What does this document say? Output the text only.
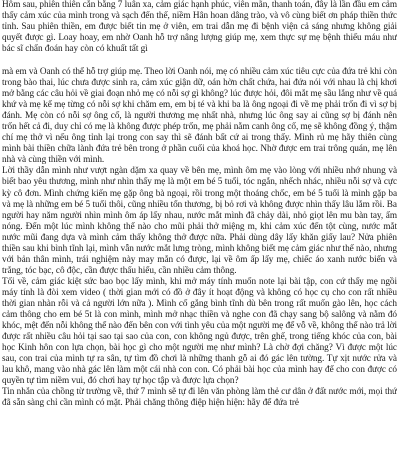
Hôm sau, phiên thiên cắn bằng 7 luân xa, cảm giác hạnh phúc, viên mãn, thanh toán, đây là lần đầu em cảm thấy cảm xúc của mình trong và sạch đến thế, niềm Hân hoan dâng trào, và vô cùng biết ơn pháp thiền thức tỉnh. Sau phiên thiền, em được biết tin mẹ ở viên, em trai dẫn mẹ đi bệnh viện cả sáng nhưng không giải quyết được gì. Loay hoay, em nhờ Oanh hỗ trợ nâng lượng giúp mẹ, xem thực sự mẹ bệnh thiếu máu như bác sĩ chẩn đoán hay còn có khuất tất gì

mà em và Oanh có thể hỗ trợ giúp mẹ. Theo lời Oanh nói, mẹ có nhiều cảm xúc tiêu cực của đứa trẻ khi còn trong bào thai, lúc chưa được sinh ra, cảm xúc giận dữ, oán hờn chất chứa, hai đứa nói với nhau là chị khơi mở bằng các câu hỏi về giai đoạn nhỏ mẹ có nỗi sợ gì không? lúc được hỏi, đôi mắt mẹ sầu lắng như về quá khứ và mẹ kể mẹ từng có nỗi sợ khi chăm em, em bị té và khi ba là ông ngoại đi về mẹ phải trốn đi vì sợ bị đánh. Mẹ còn có nỗi sợ ông cố, là người thương mẹ nhất nhà, nhưng lúc ông say ai cũng sợ bị đánh nên trốn hết cả đi, duy chỉ có mẹ là không được phép trốn, mẹ phải nằm canh ông cố, mẹ sẽ không đồng ý, thậm chí mẹ thở vì nếu ông tỉnh lại trong con say thì sẽ đánh bất cứ ai trong thấy. Mình rủ mẹ hãy thiên cùng mình bài thiền chữa lành đứa trẻ bên trong ở phần cuối của khoá học. Nhờ được em trai trông quán, mẹ lên nhà và cùng thiền với mình.

Lời thầy dẫn mình như vượt ngàn dặm xa quay về bên mẹ, mình ôm mẹ vào lòng với nhiều nhớ nhung và biết bao yêu thương, mình như nhìn thấy mẹ là một em bé 5 tuổi, tóc ngắn, nhếch nhác, nhiều nỗi sợ và cực kỳ cô đơn. Mình chứng kiến mẹ gặp ông bà ngoại, rồi trong một thoáng chốc, em bé 5 tuổi là mình gặp ba và mẹ là những em bé 5 tuổi thôi, cũng nhiều tổn thương, bị bỏ rơi và không được nhìn thấy lâu lắm rồi. Ba người hay năm người nhìn mình ôm áp lấy nhau, nước mắt mình đã chảy dài, nhỏ giọt lên mu bàn tay, ấm nóng. Đến một lúc mình không thể nào cho mũi phải thở miệng m, khi cảm xúc đến tột cùng, nước mắt nước mũi đang dựa và mình cảm thấy không thở được nữa. Phải dùng dây lấy khăn giấy lau? Nửa phiên thiền sau khi bình tĩnh lại, mình vẫn nước mắt lưng tròng, mình không biết mẹ cảm giác như thế nào, nhưng với bản thân mình, trái nghiệm này may mắn có được, lại về ôm ấp lấy mẹ, chiếc áo xanh nước biển và trắng, tóc bạc, cô độc, cần được thấu hiểu, cần nhiều cảm thông.

Tối về, cảm giác kiệt sức bao bọc lấy mình, khi mở máy tính muốn note lại bài tập, con cứ thấy mẹ ngồi máy tính là đòi xem video ( thời gian mới có đồ ở đây ít hoạt động và không có học cụ cho con rất nhiều thời gian nhàn rỗi và cả người lớn nữa ). Mình cố gắng bình tĩnh dù bên trong rất muốn gào lên, học cách cảm thông cho em bé 5t là con mình, mình mở nhạc thiền và nghe con đã chạy sang bộ salông và nằm đó khóc, mệt đến nỗi không thể nào đến bên con với tình yêu của một người mẹ để vỗ về, không thể nào trả lời được rất nhiều câu hỏi tại sao tại sao của con, con không ngủ được, trên ghế, trong tiếng khóc của con, bài học Kinh hôn con lựa chọn, bài học gì cho một người mẹ như mình? Là chờ đợi chăng? Vì được một lúc sau, con trai của mình tự ra sân, tự tìm đồ chơi là những thanh gỗ ai đó gác lên tường. Tự xịt nước rửa và lau khô, mang vào nhà gác lên làm một cái nhà con con. Có phải bài học của mình hay để cho con được có quyền tự tìm niềm vui, đó chơi hay tự học tập và được lựa chọn?

Tin nhắn của chồng từ trường về, thứ 7 mình sẽ tự đi lên văn phòng làm thẻ cư dân ở đất nước mới, mọi thứ đã sẵn sàng chỉ cần mình có mặt. Phải chăng thông điệp hiện hiện: hãy để đứa trẻ
